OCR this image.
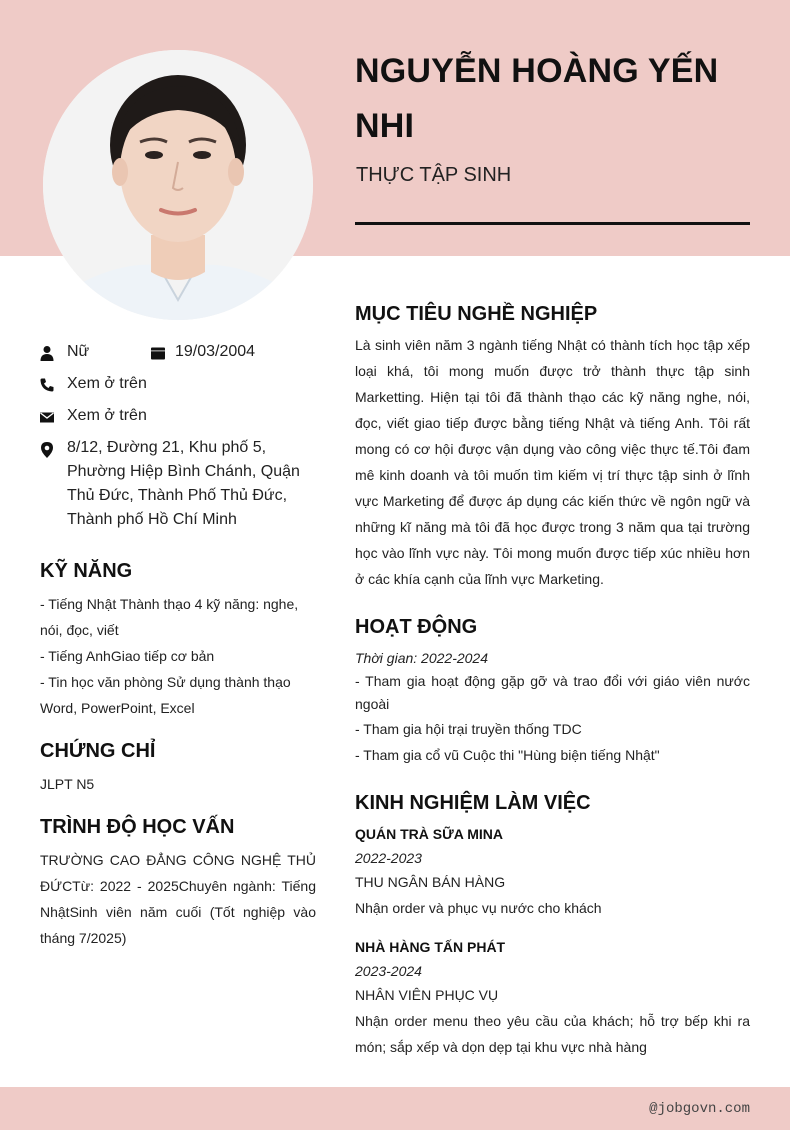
NGUYỄN HOÀNG YẾN NHI
THỰC TẬP SINH
Nữ	19/03/2004
Xem ở trên
Xem ở trên
8/12, Đường 21, Khu phố 5, Phường Hiệp Bình Chánh, Quận Thủ Đức, Thành Phố Thủ Đức, Thành phố Hồ Chí Minh
KỸ NĂNG
- Tiếng Nhật Thành thạo 4 kỹ năng: nghe, nói, đọc, viết
- Tiếng AnhGiao tiếp cơ bản
- Tin học văn phòng Sử dụng thành thạo Word, PowerPoint, Excel
CHỨNG CHỈ
JLPT N5
TRÌNH ĐỘ HỌC VẤN
TRƯỜNG CAO ĐẲNG CÔNG NGHỆ THỦ ĐỨCTừ: 2022 - 2025Chuyên ngành: Tiếng NhậtSinh viên năm cuối (Tốt nghiệp vào tháng 7/2025)
MỤC TIÊU NGHỀ NGHIỆP
Là sinh viên năm 3 ngành tiếng Nhật có thành tích học tập xếp loại khá, tôi mong muốn được trở thành thực tập sinh Marketting. Hiện tại tôi đã thành thạo các kỹ năng nghe, nói, đọc, viết giao tiếp được bằng tiếng Nhật và tiếng Anh. Tôi rất mong có cơ hội được vận dụng vào công việc thực tế.Tôi đam mê kinh doanh và tôi muốn tìm kiếm vị trí thực tập sinh ở lĩnh vực Marketing để được áp dụng các kiến thức về ngôn ngữ và những kĩ năng mà tôi đã học được trong 3 năm qua tại trường học vào lĩnh vực này. Tôi mong muốn được tiếp xúc nhiều hơn ở các khía cạnh của lĩnh vực Marketing.
HOẠT ĐỘNG
Thời gian: 2022-2024
- Tham gia hoạt động gặp gỡ và trao đổi với giáo viên nước ngoài
- Tham gia hội trại truyền thống TDC
- Tham gia cổ vũ Cuộc thi "Hùng biện tiếng Nhật"
KINH NGHIỆM LÀM VIỆC
QUÁN TRÀ SỮA MINA
2022-2023
THU NGÂN BÁN HÀNG
Nhận order và phục vụ nước cho khách
NHÀ HÀNG TẤN PHÁT
2023-2024
NHÂN VIÊN PHỤC VỤ
Nhận order menu theo yêu cầu của khách; hỗ trợ bếp khi ra món; sắp xếp và dọn dẹp tại khu vực nhà hàng
@jobgovn.com
